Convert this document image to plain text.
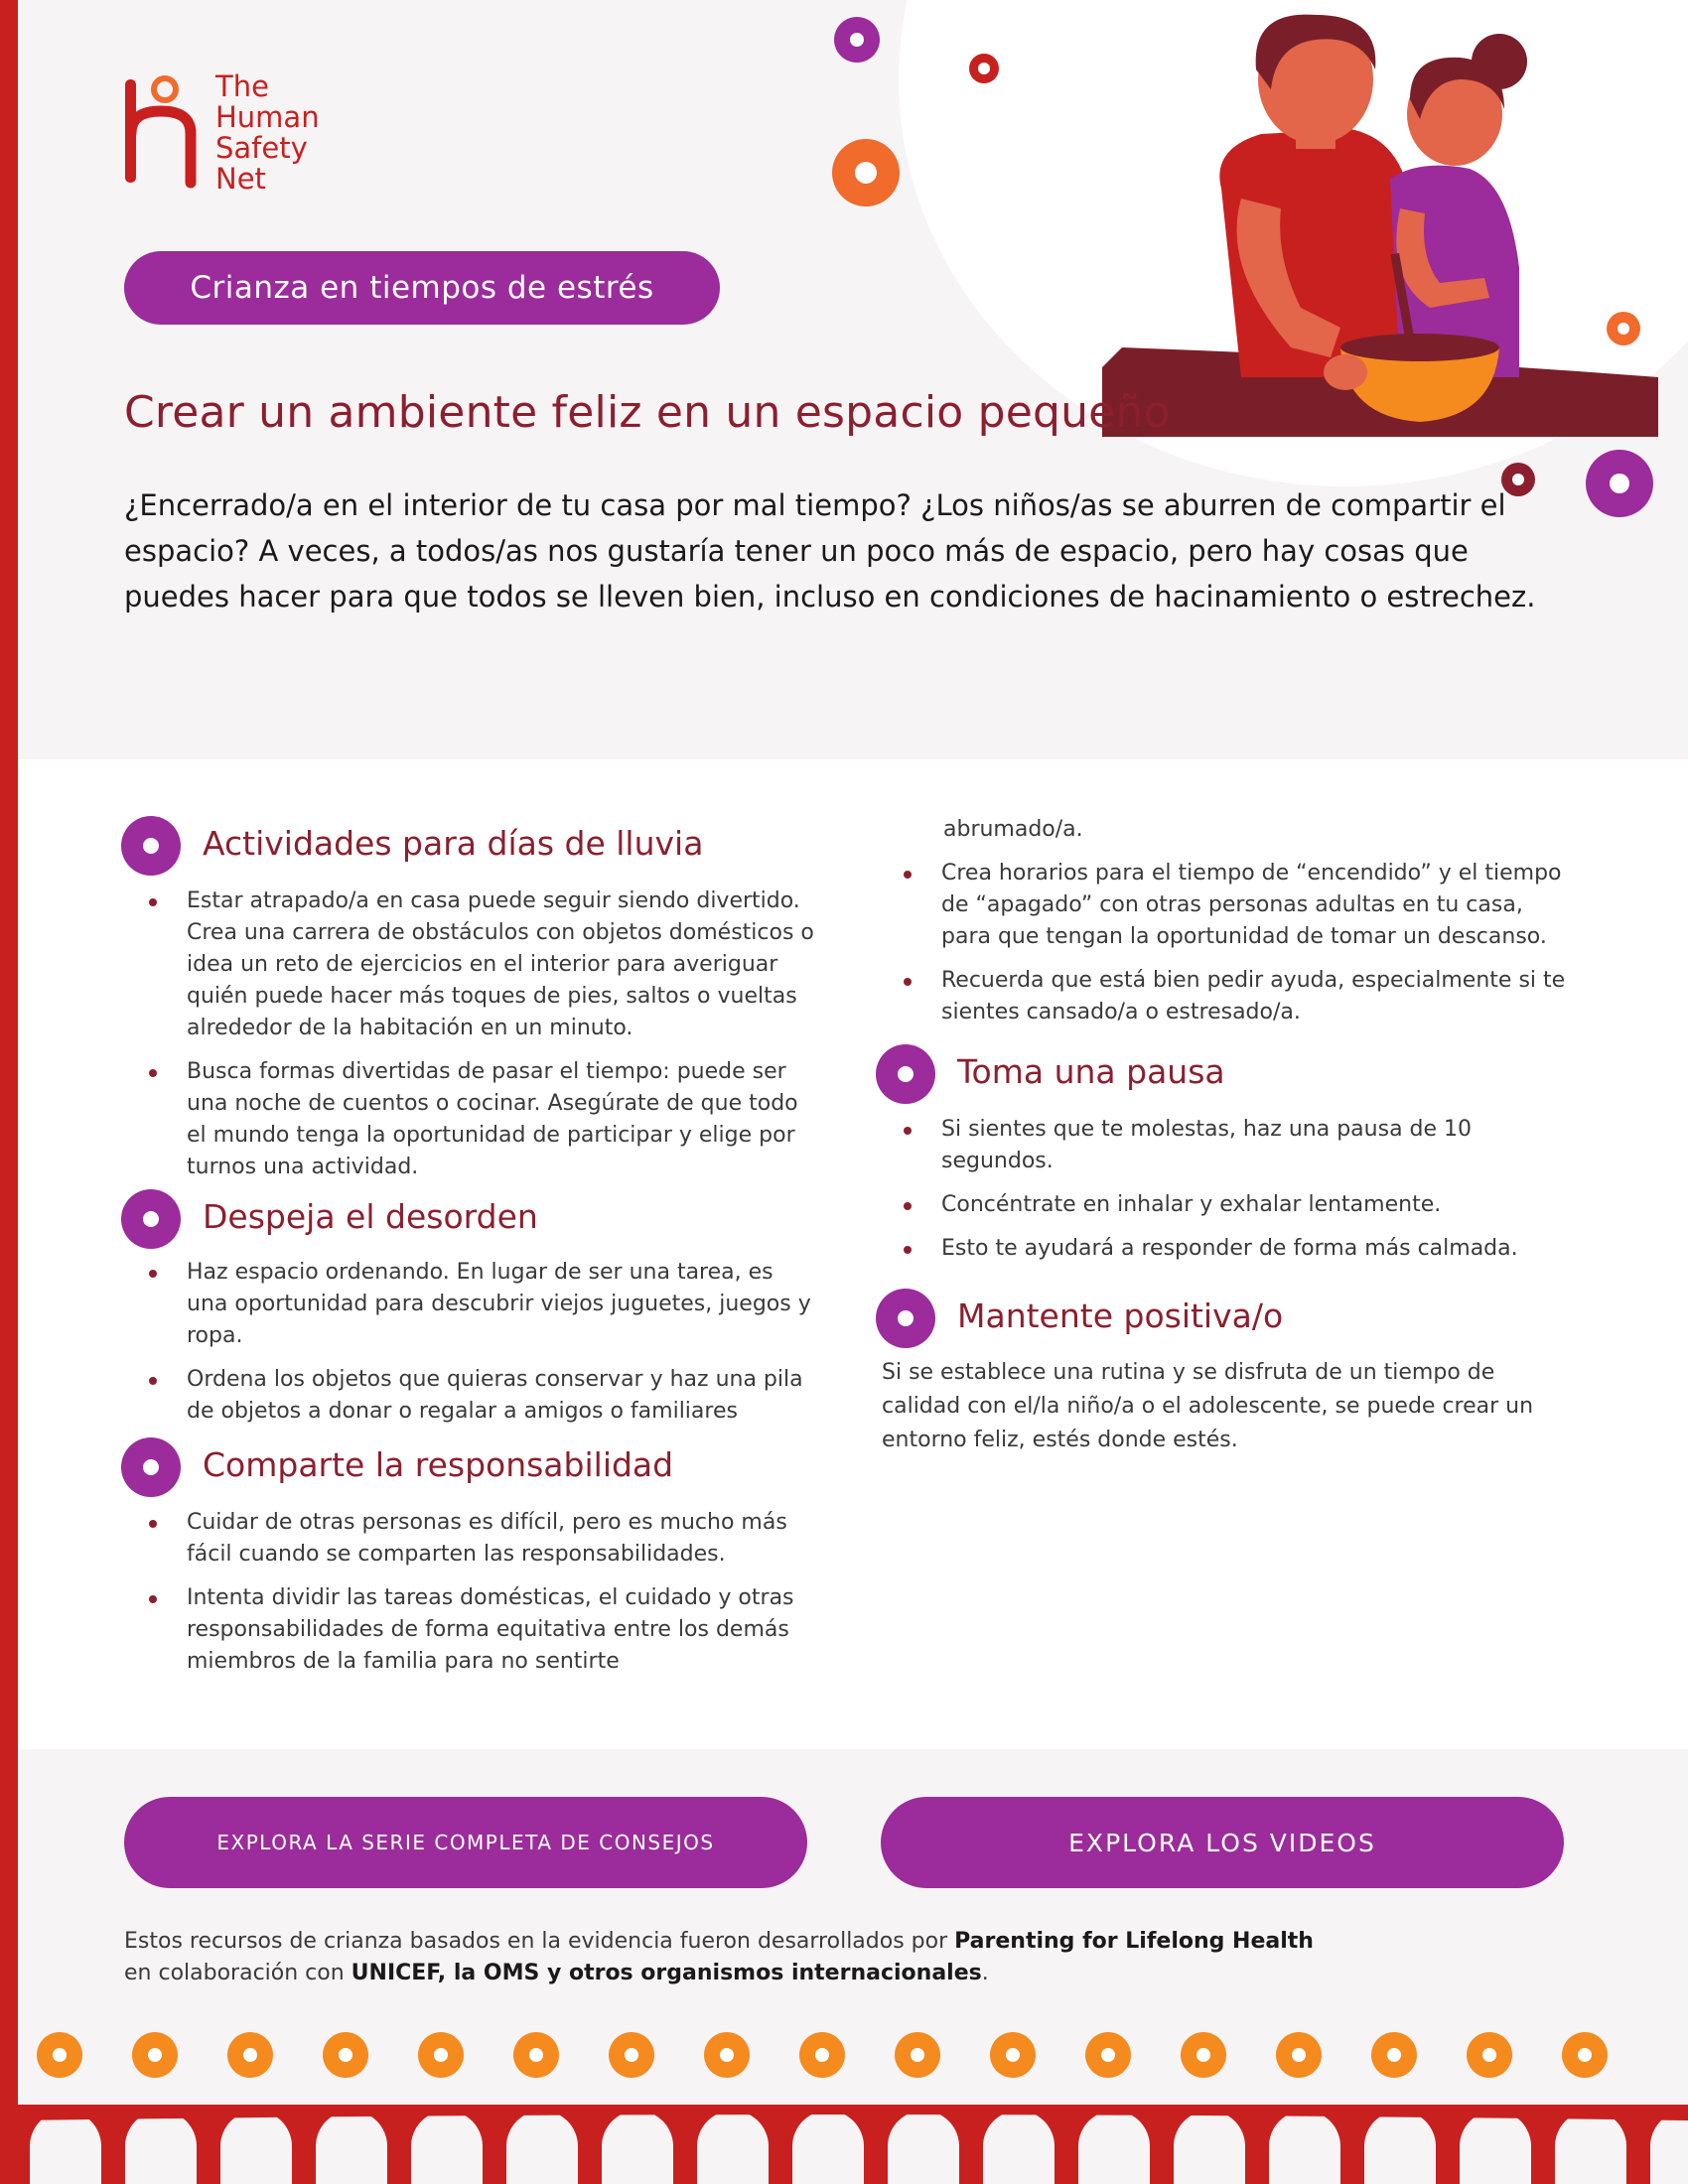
The
Human
Safety
Net
Crianza en tiempos de estrés
Crear un ambiente feliz en un espacio pequeño

¿Encerrado/a en el interior de tu casa por mal tiempo? ¿Los niños/as se aburren de compartir el espacio? A veces, a todos/as nos gustaría tener un poco más de espacio, pero hay cosas que puedes hacer para que todos se lleven bien, incluso en condiciones de hacinamiento o estrechez.

Actividades para días de lluvia
Estar atrapado/a en casa puede seguir siendo divertido. Crea una carrera de obstáculos con objetos domésticos o idea un reto de ejercicios en el interior para averiguar quién puede hacer más toques de pies, saltos o vueltas alrededor de la habitación en un minuto.
Busca formas divertidas de pasar el tiempo: puede ser una noche de cuentos o cocinar. Asegúrate de que todo el mundo tenga la oportunidad de participar y elige por turnos una actividad.
Despeja el desorden
Haz espacio ordenando. En lugar de ser una tarea, es una oportunidad para descubrir viejos juguetes, juegos y ropa.
Ordena los objetos que quieras conservar y haz una pila de objetos a donar o regalar a amigos o familiares
Comparte la responsabilidad
Cuidar de otras personas es difícil, pero es mucho más fácil cuando se comparten las responsabilidades.
Intenta dividir las tareas domésticas, el cuidado y otras responsabilidades de forma equitativa entre los demás miembros de la familia para no sentirte
abrumado/a.
Crea horarios para el tiempo de “encendido” y el tiempo de “apagado” con otras personas adultas en tu casa, para que tengan la oportunidad de tomar un descanso.
Recuerda que está bien pedir ayuda, especialmente si te sientes cansado/a o estresado/a.
Toma una pausa
Si sientes que te molestas, haz una pausa de 10 segundos.
Concéntrate en inhalar y exhalar lentamente.
Esto te ayudará a responder de forma más calmada.
Mantente positiva/o

Si se establece una rutina y se disfruta de un tiempo de calidad con el/la niño/a o el adolescente, se puede crear un entorno feliz, estés donde estés.

EXPLORA LA SERIE COMPLETA DE CONSEJOS	EXPLORA LOS VIDEOS

Estos recursos de crianza basados en la evidencia fueron desarrollados por Parenting for Lifelong Health en colaboración con UNICEF, la OMS y otros organismos internacionales.
